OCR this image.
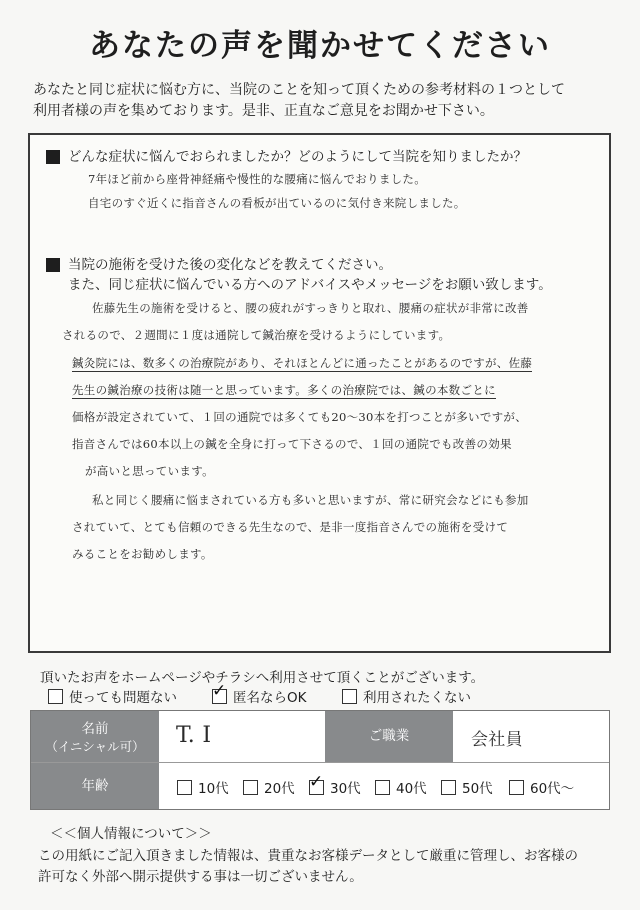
あなたの声を聞かせてください
あなたと同じ症状に悩む方に、当院のことを知って頂くための参考材料の１つとして
利用者様の声を集めております。是非、正直なご意見をお聞かせ下さい。
どんな症状に悩んでおられましたか？どのようにして当院を知りましたか？
7年ほど前から座骨神経痛や慢性的な腰痛に悩んでおりました。
自宅のすぐ近くに指音さんの看板が出ているのに気付き来院しました。
当院の施術を受けた後の変化などを教えてください。
また、同じ症状に悩んでいる方へのアドバイスやメッセージをお願い致します。
佐藤先生の施術を受けると、腰の疲れがすっきりと取れ、腰痛の症状が非常に改善
されるので、２週間に１度は通院して鍼治療を受けるようにしています。
鍼灸院には、数多くの治療院があり、それほとんどに通ったことがあるのですが、佐藤
先生の鍼治療の技術は随一と思っています。多くの治療院では、鍼の本数ごとに
価格が設定されていて、１回の通院では多くても20～30本を打つことが多いですが、
指音さんでは60本以上の鍼を全身に打って下さるので、１回の通院でも改善の効果
が高いと思っています。
私と同じく腰痛に悩まされている方も多いと思いますが、常に研究会などにも参加
されていて、とても信頼のできる先生なので、是非一度指音さんでの施術を受けて
みることをお勧めします。
頂いたお声をホームページやチラシへ利用させて頂くことがございます。
使っても問題ない ✓ 匿名ならOK	利用されたくない
名前
（イニシャル可）	T. I	ご職業	会社員
年齢	10代	20代 ✓ 30代	40代	50代	60代～
＜＜個人情報について＞＞
この用紙にご記入頂きました情報は、貴重なお客様データとして厳重に管理し、お客様の
許可なく外部へ開示提供する事は一切ございません。
